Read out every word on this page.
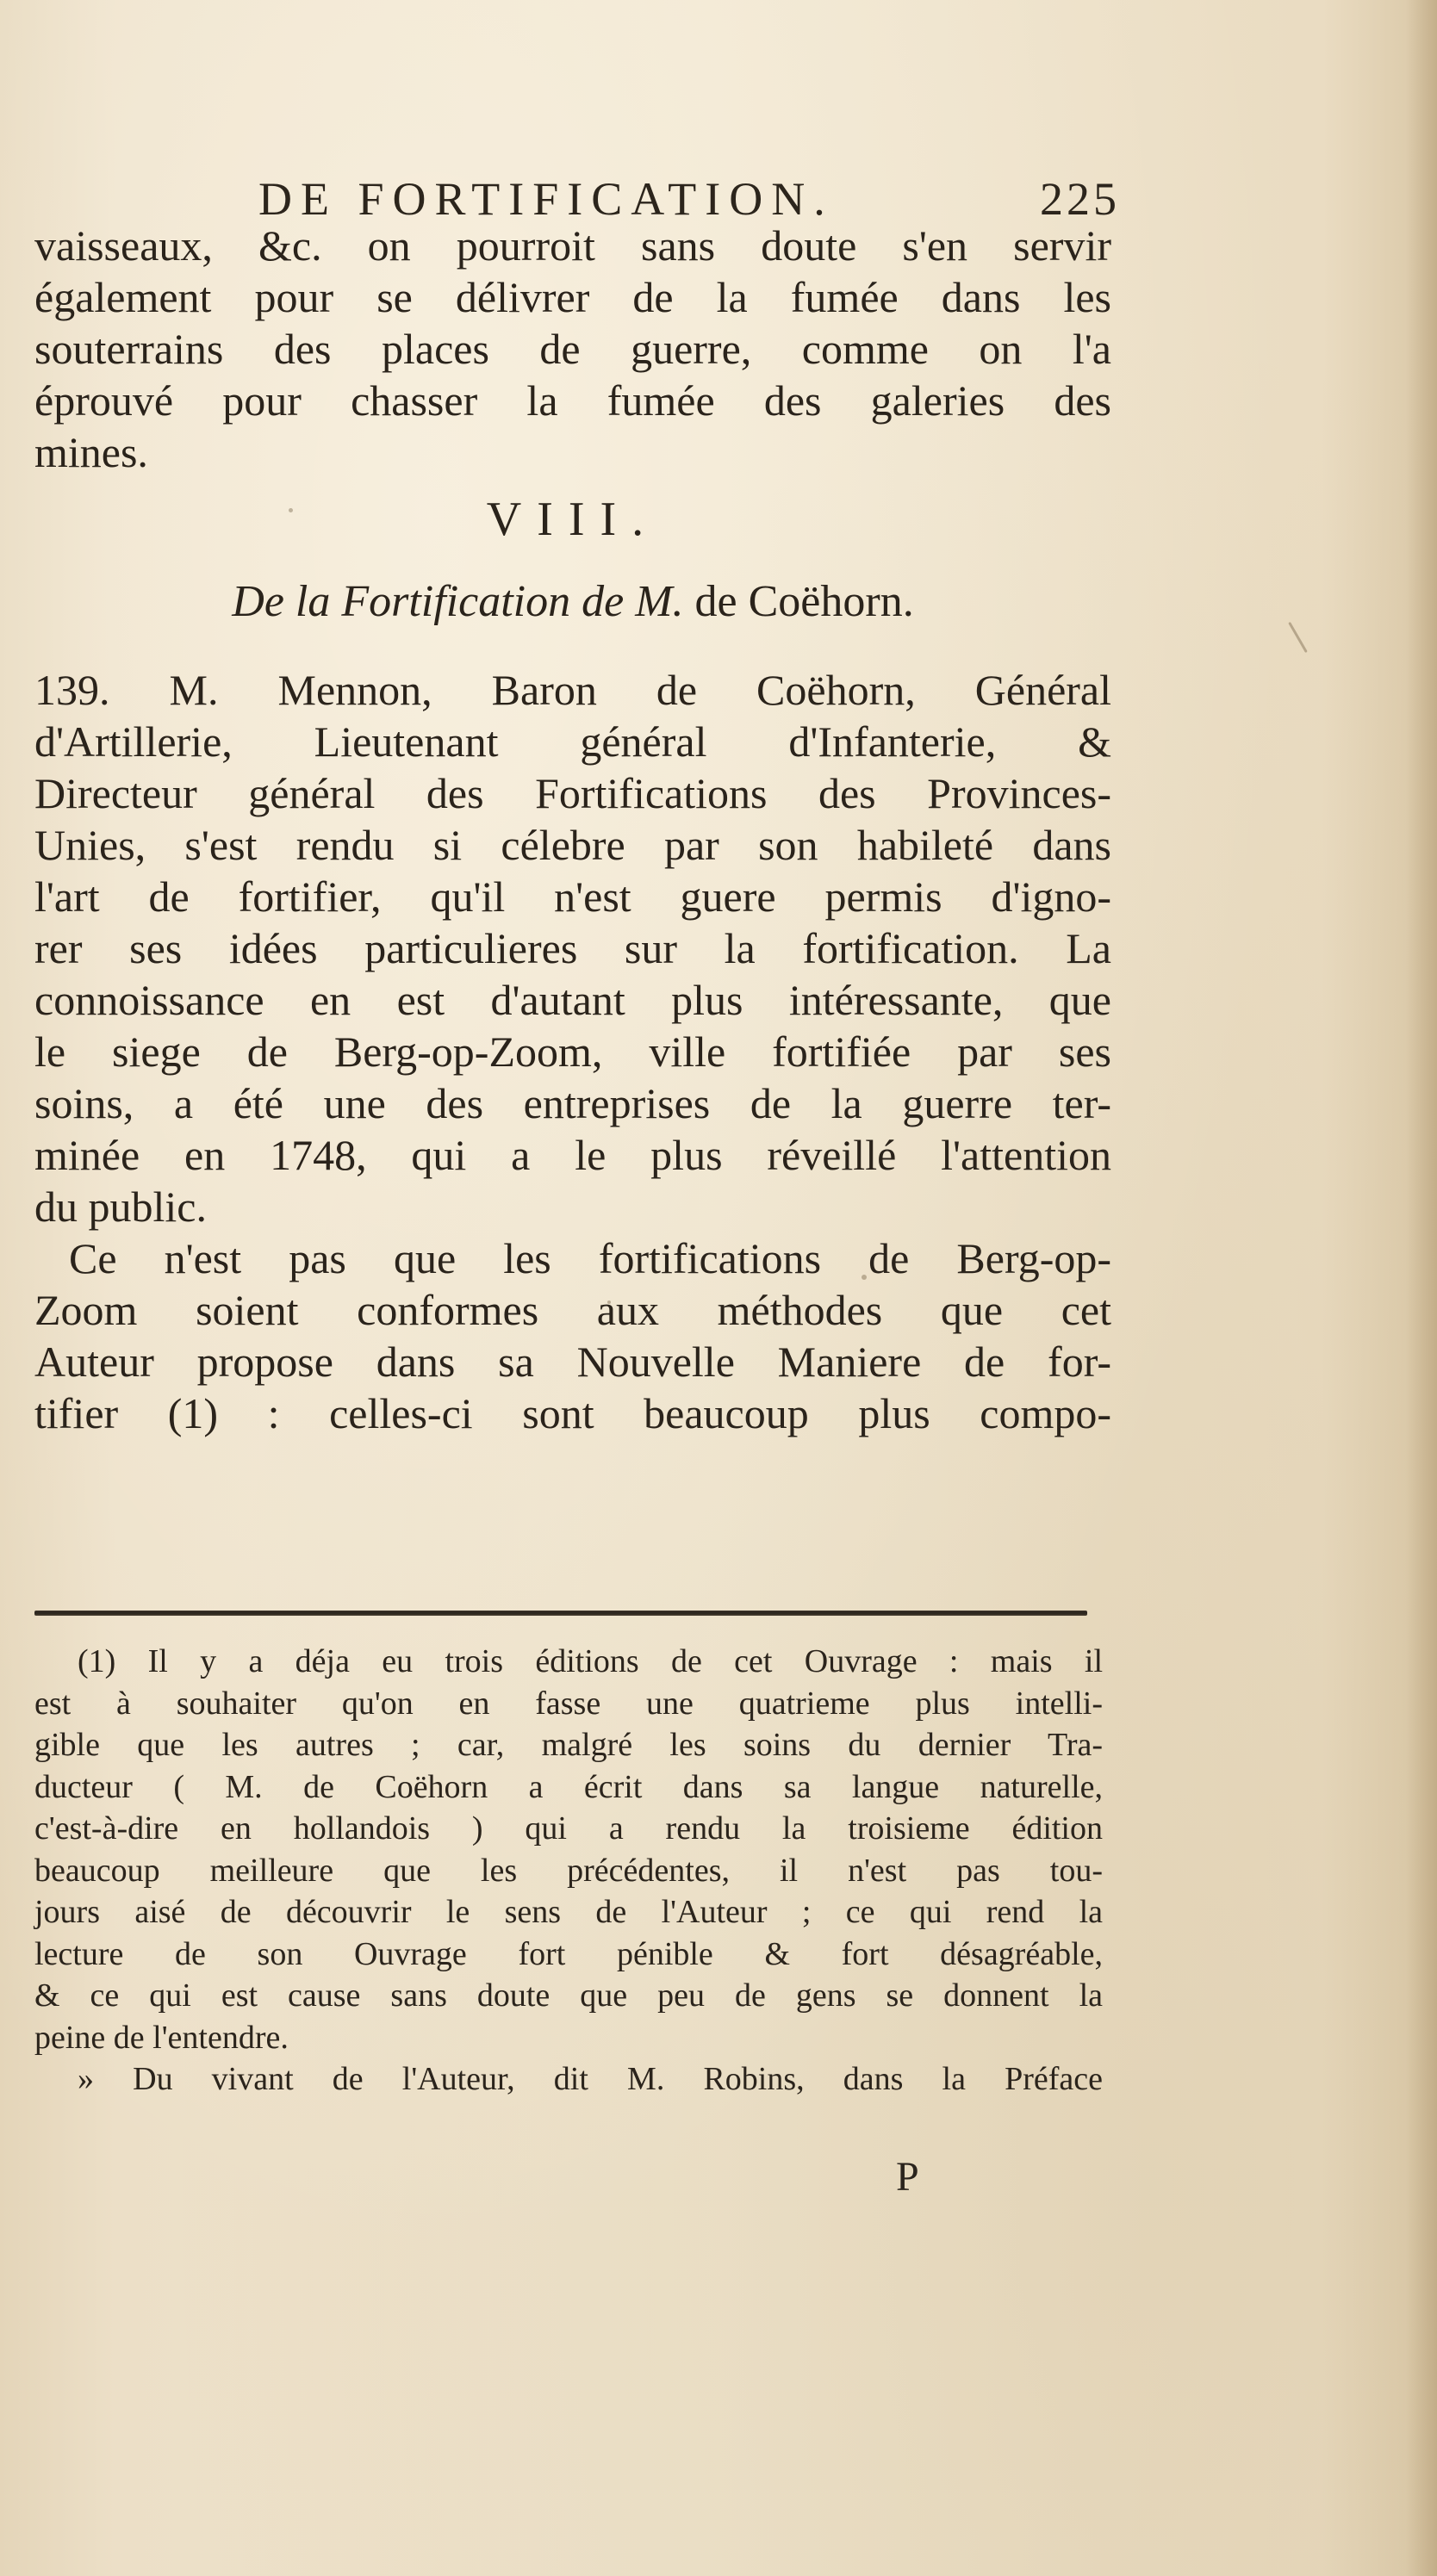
DE FORTIFICATION.	225

vaisseaux, &c. on pourroit sans doute s'en servir

également pour se délivrer de la fumée dans les

souterrains des places de guerre, comme on l'a

éprouvé pour chasser la fumée des galeries des

mines.

VIII.
De la Fortification de M. de Coëhorn.

139. M. Mennon, Baron de Coëhorn, Général

d'Artillerie, Lieutenant général d'Infanterie, &

Directeur général des Fortifications des Provinces-

Unies, s'est rendu si célebre par son habileté dans

l'art de fortifier, qu'il n'est guere permis d'igno-

rer ses idées particulieres sur la fortification. La

connoissance en est d'autant plus intéressante, que

le siege de Berg-op-Zoom, ville fortifiée par ses

soins, a été une des entreprises de la guerre ter-

minée en 1748, qui a le plus réveillé l'attention

du public.

Ce n'est pas que les fortifications de Berg-op-

Zoom soient conformes aux méthodes que cet

Auteur propose dans sa Nouvelle Maniere de for-

tifier (1) : celles-ci sont beaucoup plus compo-

(1) Il y a déja eu trois éditions de cet Ouvrage : mais il

est à souhaiter qu'on en fasse une quatrieme plus intelli-

gible que les autres ; car, malgré les soins du dernier Tra-

ducteur ( M. de Coëhorn a écrit dans sa langue naturelle,

c'est-à-dire en hollandois ) qui a rendu la troisieme édition

beaucoup meilleure que les précédentes, il n'est pas tou-

jours aisé de découvrir le sens de l'Auteur ; ce qui rend la

lecture de son Ouvrage fort pénible & fort désagréable,

& ce qui est cause sans doute que peu de gens se donnent la

peine de l'entendre.

» Du vivant de l'Auteur, dit M. Robins, dans la Préface

P
